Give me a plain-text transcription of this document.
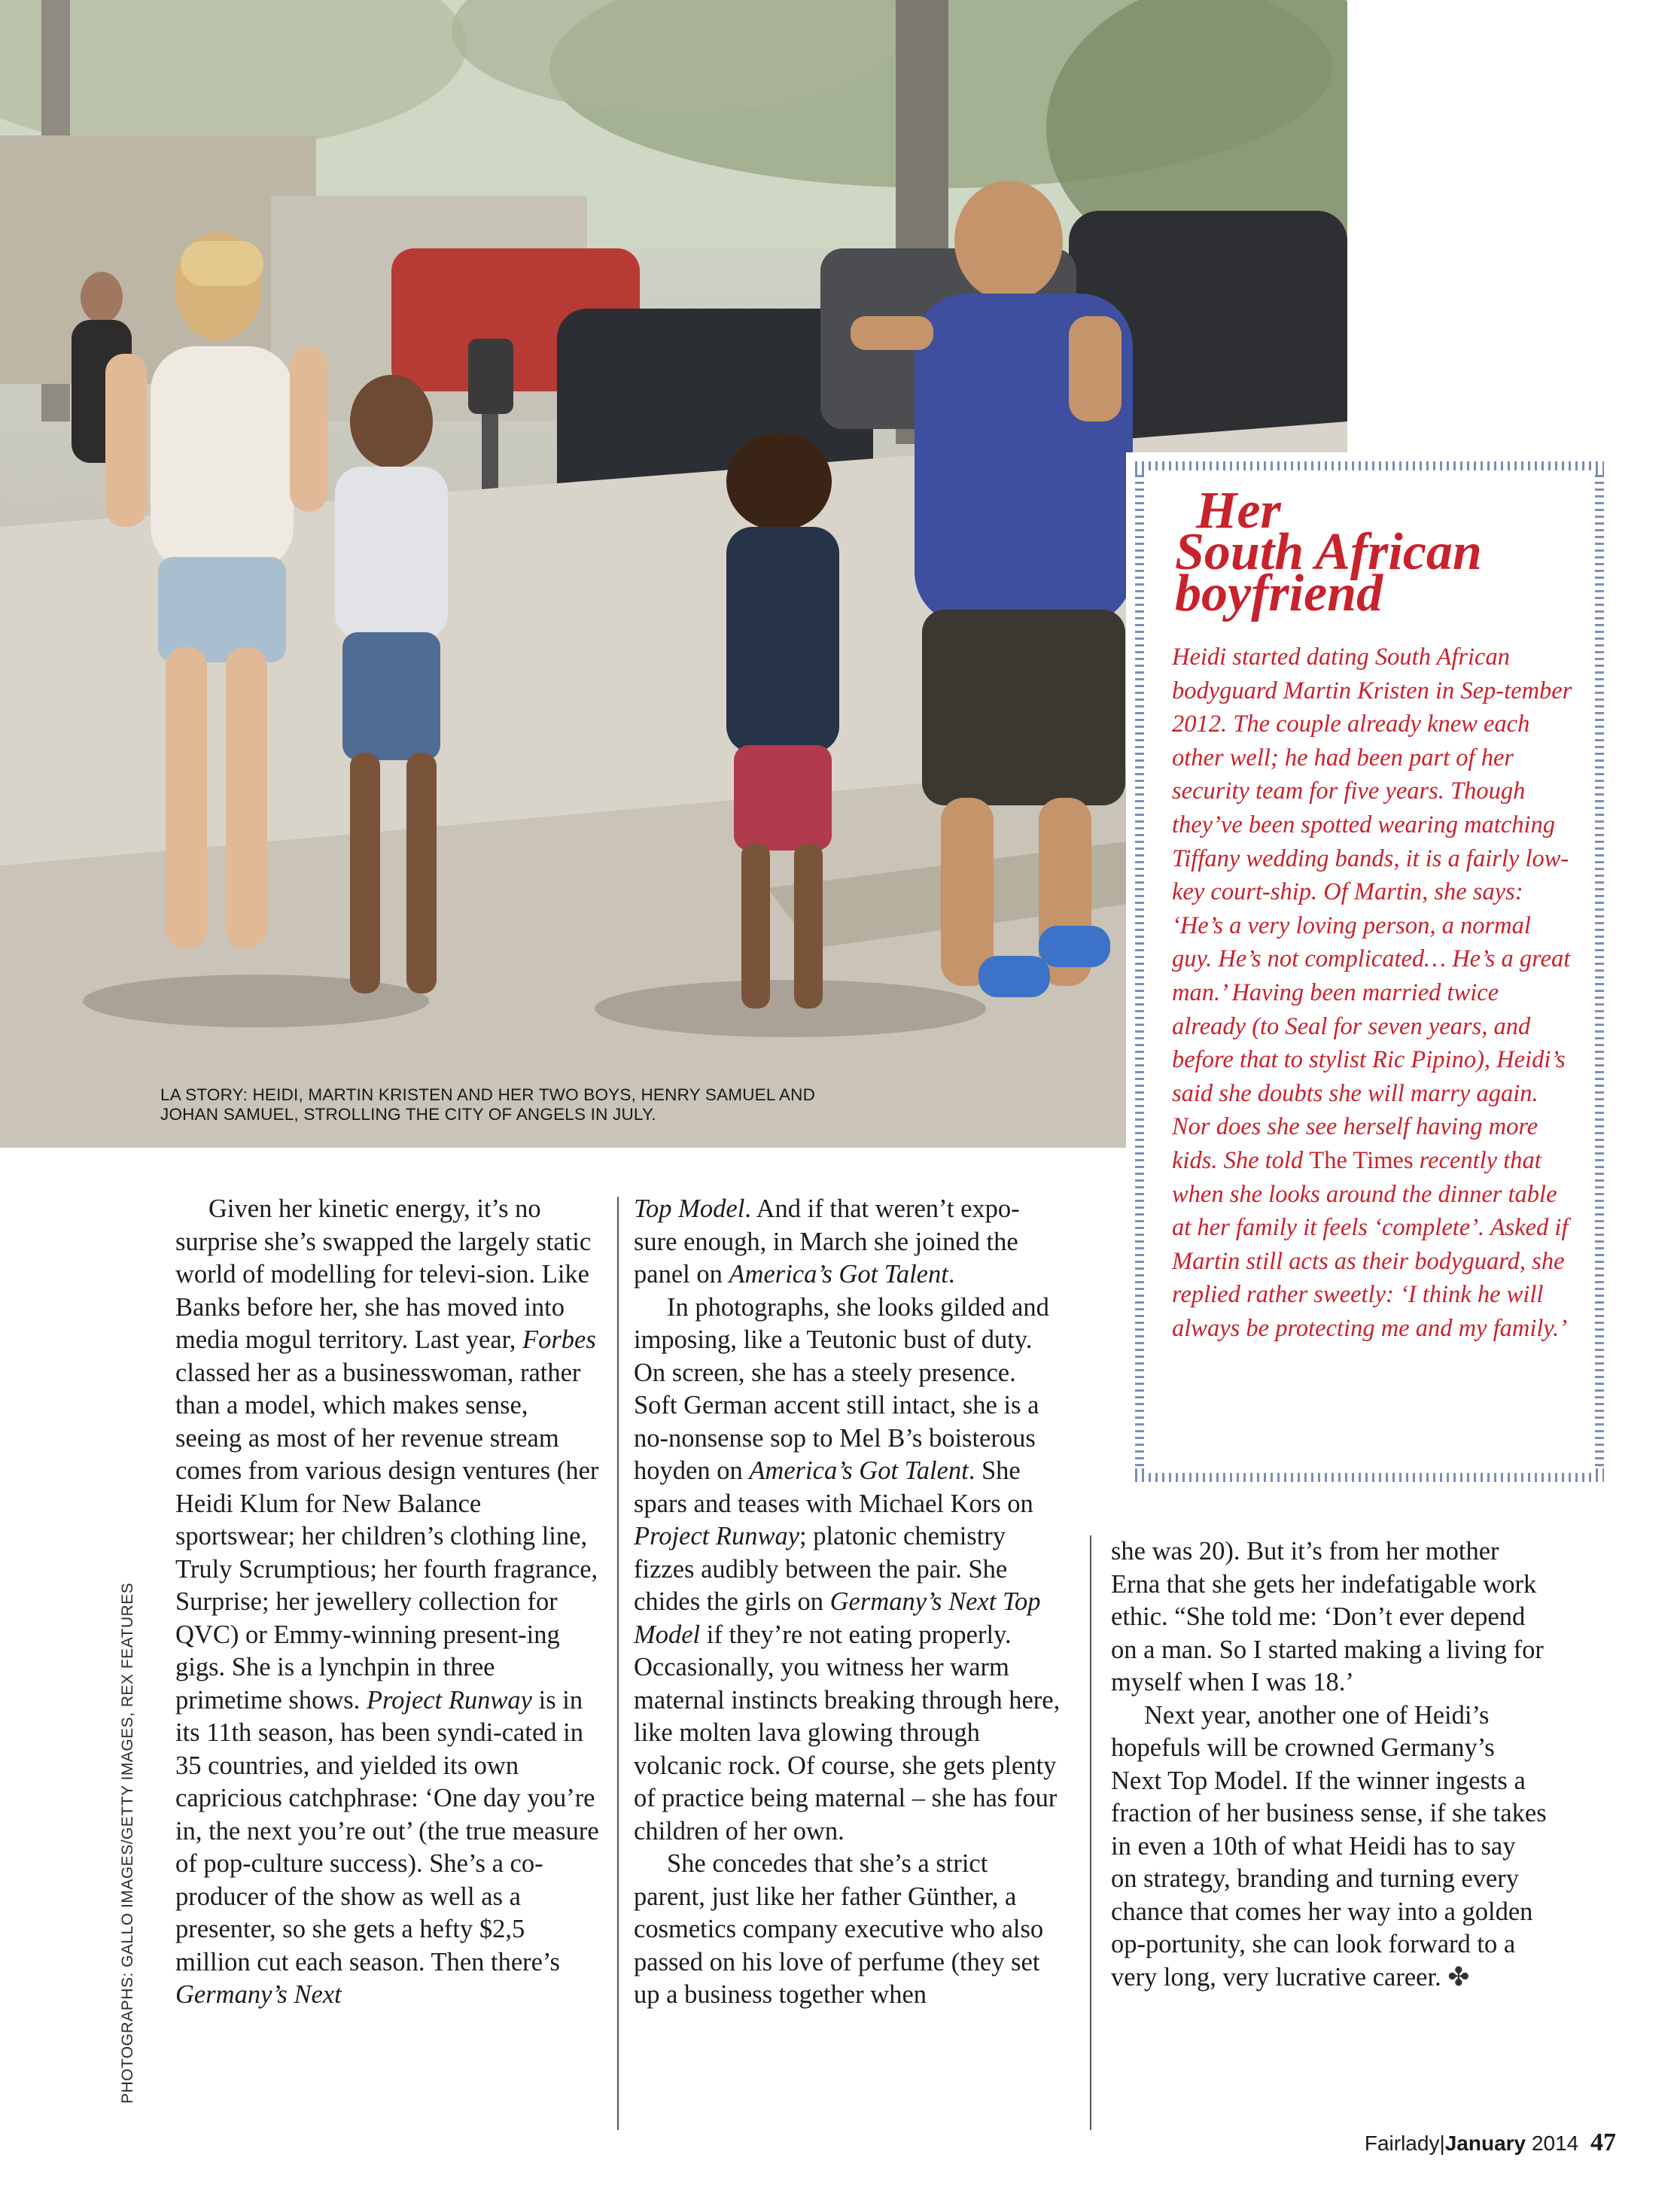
LA STORY: HEIDI, MARTIN KRISTEN AND HER TWO BOYS, HENRY SAMUEL AND
JOHAN SAMUEL, STROLLING THE CITY OF ANGELS IN JULY.
Her
South African
boyfriend
Heidi started dating South African bodyguard Martin Kristen in Sep-tember 2012. The couple already knew each other well; he had been part of her security team for five years. Though they’ve been spotted wearing matching Tiffany wedding bands, it is a fairly low-key court-ship. Of Martin, she says: ‘He’s a very loving person, a normal guy. He’s not complicated… He’s a great man.’ Having been married twice already (to Seal for seven years, and before that to stylist Ric Pipino), Heidi’s said she doubts she will marry again. Nor does she see herself having more kids. She told The Times recently that when she looks around the dinner table at her family it feels ‘complete’. Asked if Martin still acts as their bodyguard, she replied rather sweetly: ‘I think he will always be protecting me and my family.’

Given her kinetic energy, it’s no surprise she’s swapped the largely static world of modelling for televi-sion. Like Banks before her, she has moved into media mogul territory. Last year, Forbes classed her as a businesswoman, rather than a model, which makes sense, seeing as most of her revenue stream comes from various design ventures (her Heidi Klum for New Balance sportswear; her children’s clothing line, Truly Scrumptious; her fourth fragrance, Surprise; her jewellery collection for QVC) or Emmy-winning present-ing gigs. She is a lynchpin in three primetime shows. Project Runway is in its 11th season, has been syndi-cated in 35 countries, and yielded its own capricious catchphrase: ‘One day you’re in, the next you’re out’ (the true measure of pop-culture success). She’s a co-producer of the show as well as a presenter, so she gets a hefty $2,5 million cut each season. Then there’s Germany’s Next

Top Model. And if that weren’t expo-sure enough, in March she joined the panel on America’s Got Talent.

In photographs, she looks gilded and imposing, like a Teutonic bust of duty. On screen, she has a steely presence. Soft German accent still intact, she is a no-nonsense sop to Mel B’s boisterous hoyden on America’s Got Talent. She spars and teases with Michael Kors on Project Runway; platonic chemistry fizzes audibly between the pair. She chides the girls on Germany’s Next Top Model if they’re not eating properly. Occasionally, you witness her warm maternal instincts breaking through here, like molten lava glowing through volcanic rock. Of course, she gets plenty of practice being maternal – she has four children of her own.

She concedes that she’s a strict parent, just like her father Günther, a cosmetics company executive who also passed on his love of perfume (they set up a business together when

she was 20). But it’s from her mother Erna that she gets her indefatigable work ethic. “She told me: ‘Don’t ever depend on a man. So I started making a living for myself when I was 18.’

Next year, another one of Heidi’s hopefuls will be crowned Germany’s Next Top Model. If the winner ingests a fraction of her business sense, if she takes in even a 10th of what Heidi has to say on strategy, branding and turning every chance that comes her way into a golden op-portunity, she can look forward to a very long, very lucrative career. ✤

PHOTOGRAPHS: GALLO IMAGES/GETTY IMAGES, REX FEATURES
Fairlady|January 2014 47
